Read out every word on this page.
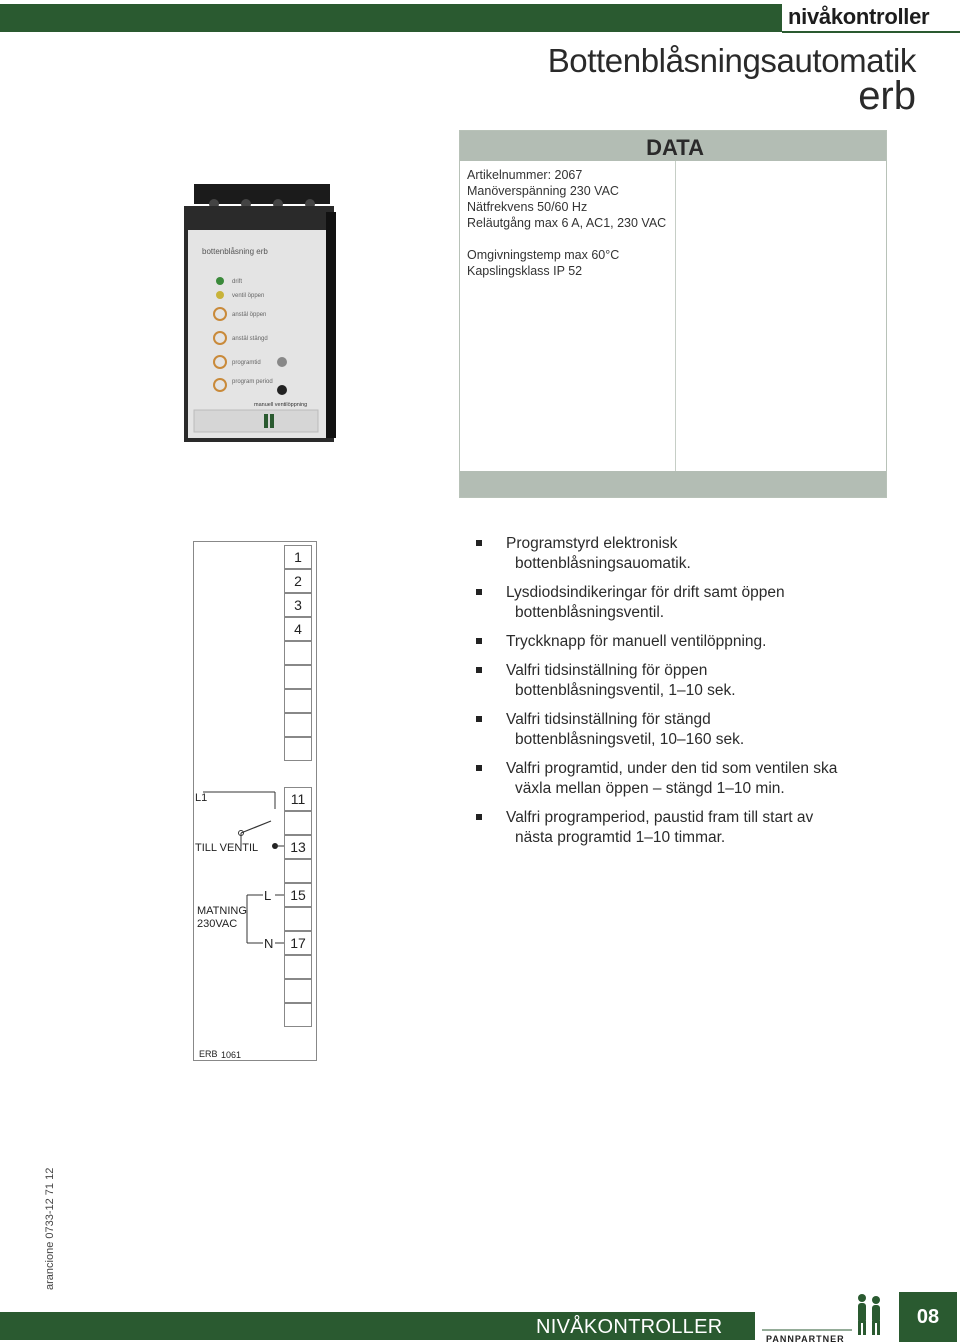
nivåkontroller
Bottenblåsningsautomatik
erb
bottenblåsning erb
drift
ventil öppen
anstäl öppen
anstäl stängd
programtid
program period
manuell ventilöppning
DATA
Artikelnummer: 2067
Manöverspänning 230 VAC
Nätfrekvens 50/60 Hz
Reläutgång max 6 A, AC1, 230 VAC
Omgivningstemp max 60°C
Kapslingsklass IP 52
1
2
3
4
11
13
15
17
L1
TILL VENTIL
MATNING
230VAC
L
N
ERB 1061
Programstyrd elektronisk
bottenblåsningsauomatik.
Lysdiodsindikeringar för drift samt öppen
bottenblåsningsventil.
Tryckknapp för manuell ventilöppning.
Valfri tidsinställning för öppen
bottenblåsningsventil, 1–10 sek.
Valfri tidsinställning för stängd
bottenblåsningsvetil, 10–160 sek.
Valfri programtid, under den tid som ventilen ska
växla mellan öppen – stängd 1–10 min.
Valfri programperiod, paustid fram till start av
nästa programtid 1–10 timmar.
arancione 0733-12 71 12
NIVÅKONTROLLER
PANNPARTNER
08
